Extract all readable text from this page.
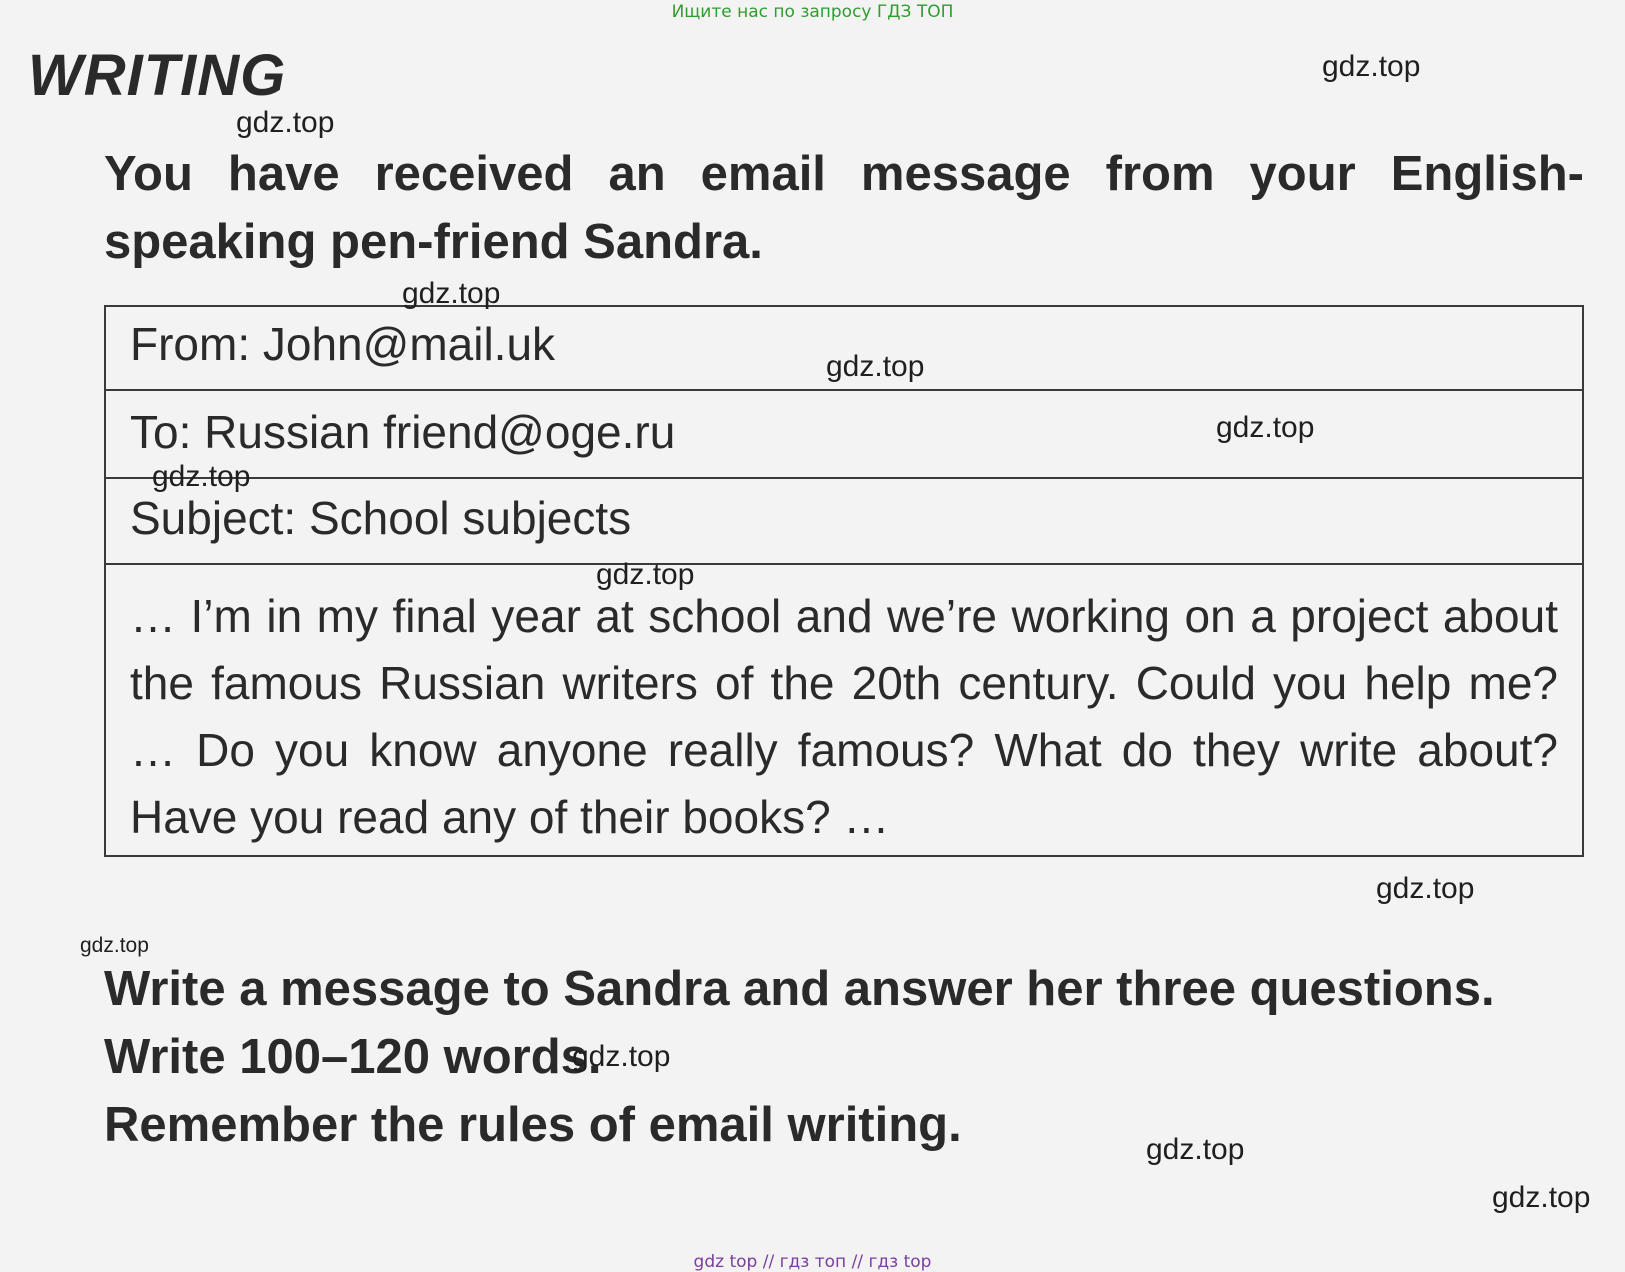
Ищите нас по запросу ГДЗ ТОП
WRITING

You have received an email message from your English-speaking pen-friend Sandra.

From: John@mail.uk
To: Russian friend@oge.ru
Subject: School subjects
… I’m in my final year at school and we’re working on a project about the famous Russian writers of the 20th century. Could you help me? … Do you know anyone really famous? What do they write about? Have you read any of their books? …

Write a message to Sandra and answer her three questions.

Write 100–120 words.

Remember the rules of email writing.

gdz.top
gdz.top
gdz.top
gdz.top
gdz.top
gdz.top
gdz.top
gdz.top
gdz.top
gdz.top
gdz.top
gdz.top
gdz top // гдз топ // гдз top
